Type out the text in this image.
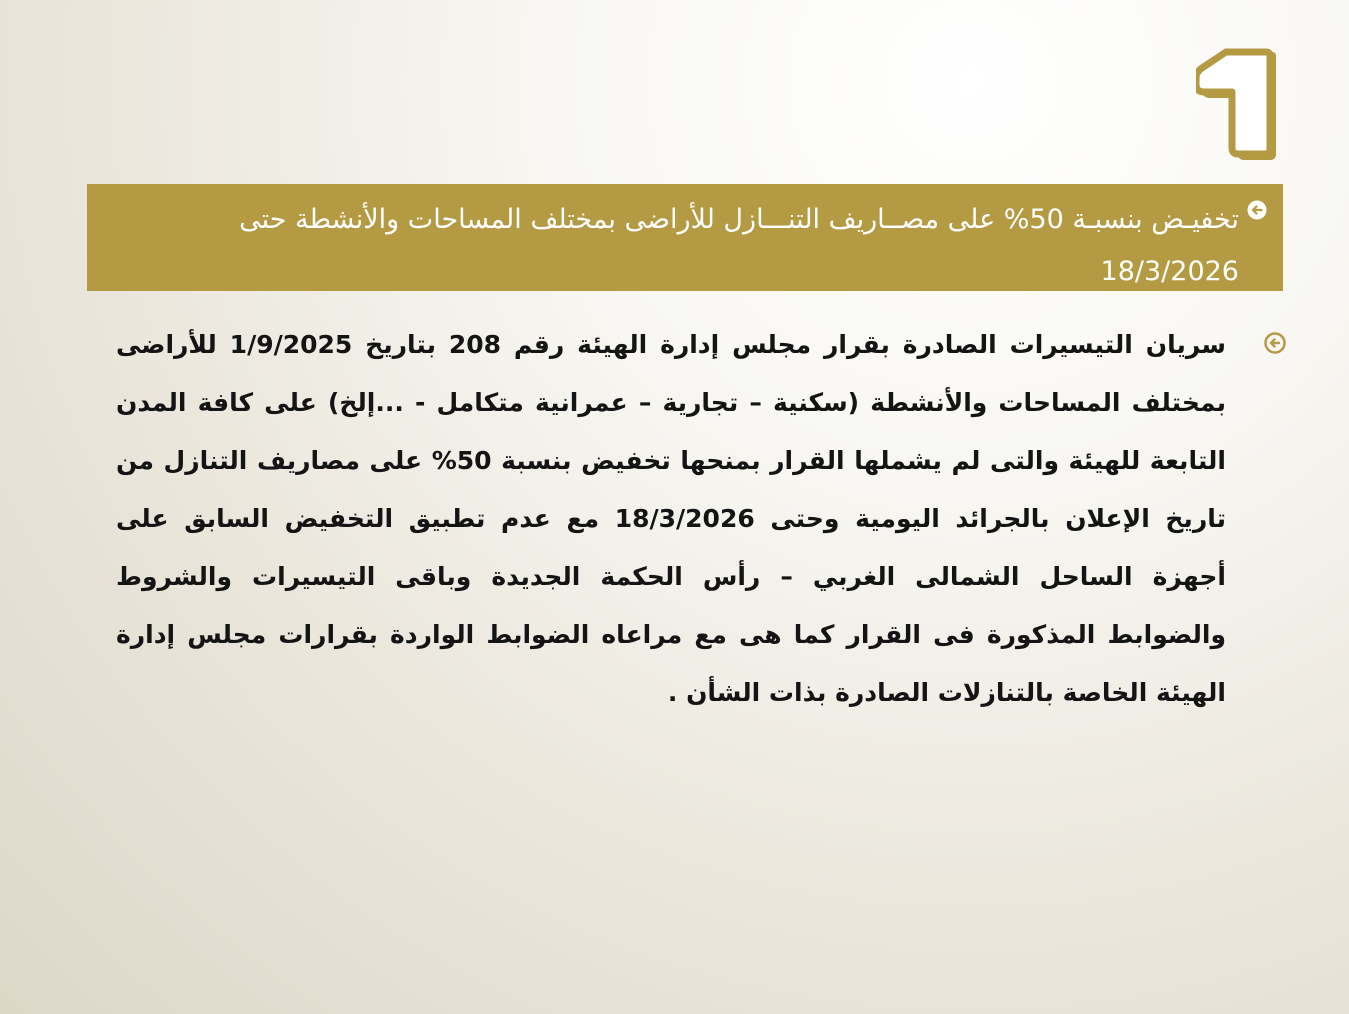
تخفيـض بنسبـة 50% على مصــاريف التنـــازل للأراضى بمختلف المساحات والأنشطة حتى 18/3/2026
سريان التيسيرات الصادرة بقرار مجلس إدارة الهيئة رقم 208 بتاريخ 1/9/2025 للأراضى بمختلف المساحات والأنشطة (سكنية – تجارية – عمرانية متكامل - ...إلخ) على كافة المدن التابعة للهيئة والتى لم يشملها القرار بمنحها تخفيض بنسبة 50% على مصاريف التنازل من تاريخ الإعلان بالجرائد اليومية وحتى 18/3/2026 مع عدم تطبيق التخفيض السابق على أجهزة الساحل الشمالى الغربي – رأس الحكمة الجديدة وباقى التيسيرات والشروط والضوابط المذكورة فى القرار كما هى مع مراعاه الضوابط الواردة بقرارات مجلس إدارة الهيئة الخاصة بالتنازلات الصادرة بذات الشأن .
